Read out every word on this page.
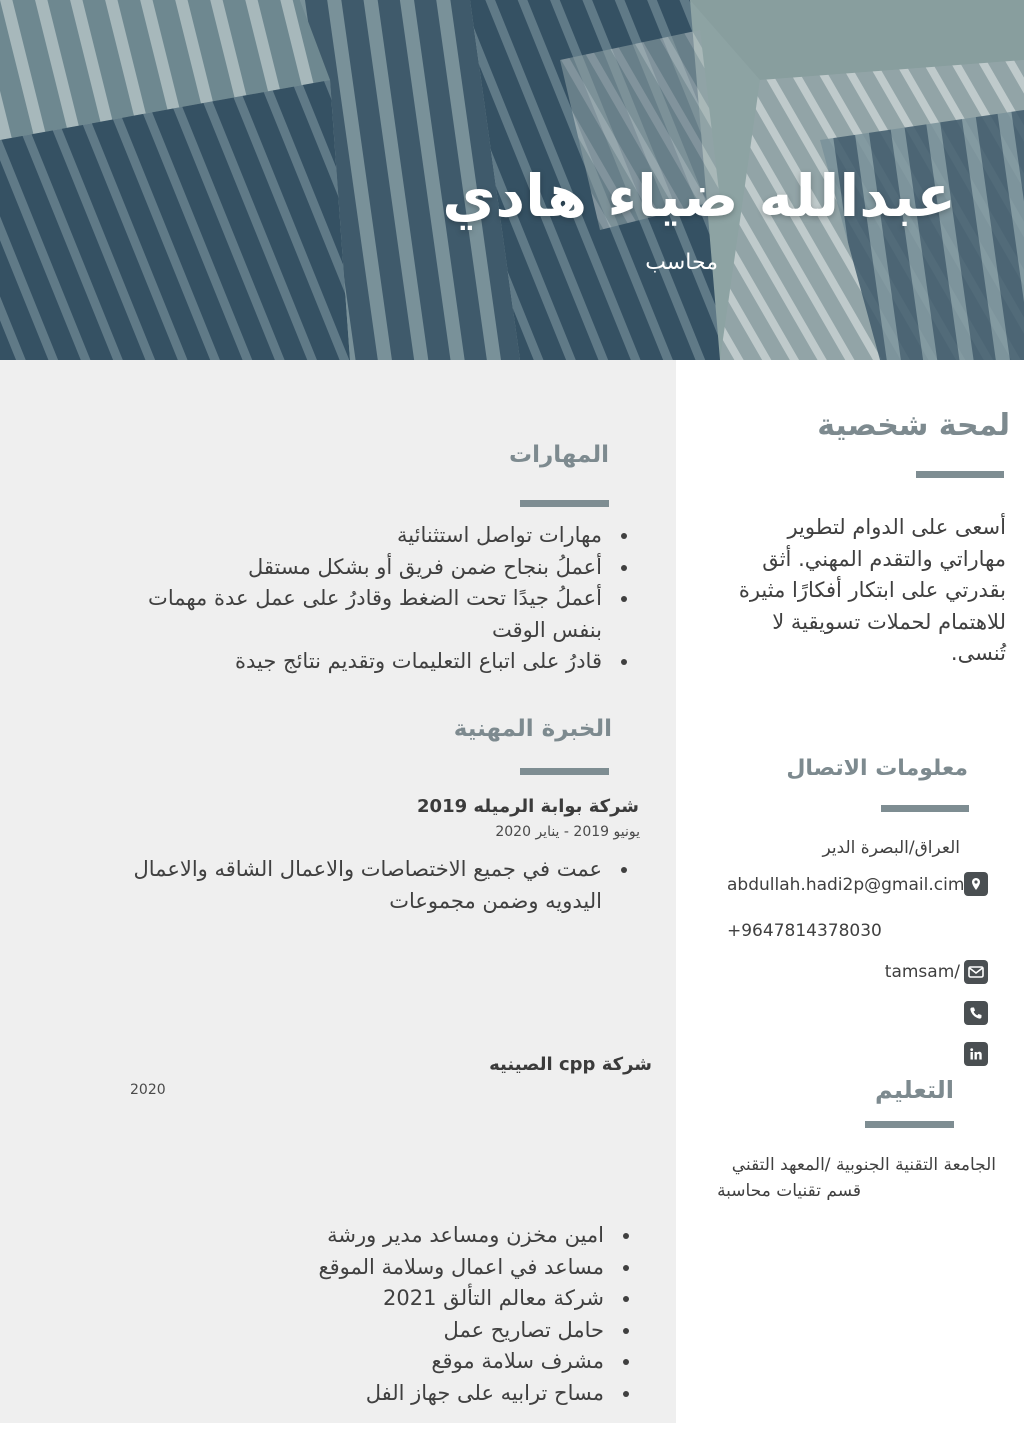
عبدالله ضياء هادي

محاسب

المهارات
• مهارات تواصل استثنائية
• أعملُ بنجاح ضمن فريق أو بشكل مستقل
• أعملُ جيدًا تحت الضغط وقادرُ على عمل عدة مهمات بنفس الوقت
• قادرُ على اتباع التعليمات وتقديم نتائج جيدة
الخبرة المهنية

شركة بوابة الرميله 2019

يونيو 2019 - يناير 2020

• عمت في جميع الاختصاصات والاعمال الشاقه والاعمال اليدويه وضمن مجموعات

شركة cpp الصينيه

2020

• امين مخزن ومساعد مدير ورشة
• مساعد في اعمال وسلامة الموقع
• شركة معالم التألق 2021
• حامل تصاريح عمل
• مشرف سلامة موقع
• مساح ترابيه على جهاز الفل
لمحة شخصية

أسعى على الدوام لتطوير مهاراتي والتقدم المهني. أثق بقدرتي على ابتكار أفكارًا مثيرة للاهتمام لحملات تسويقية لا تُنسى.

معلومات الاتصال

العراق/البصرة الدير

abdullah.hadi2p@gmail.cim

+9647814378030

tamsam/

التعليم
الجامعة التقنية الجنوبية /المعهد التقني
قسم تقنيات محاسبة
